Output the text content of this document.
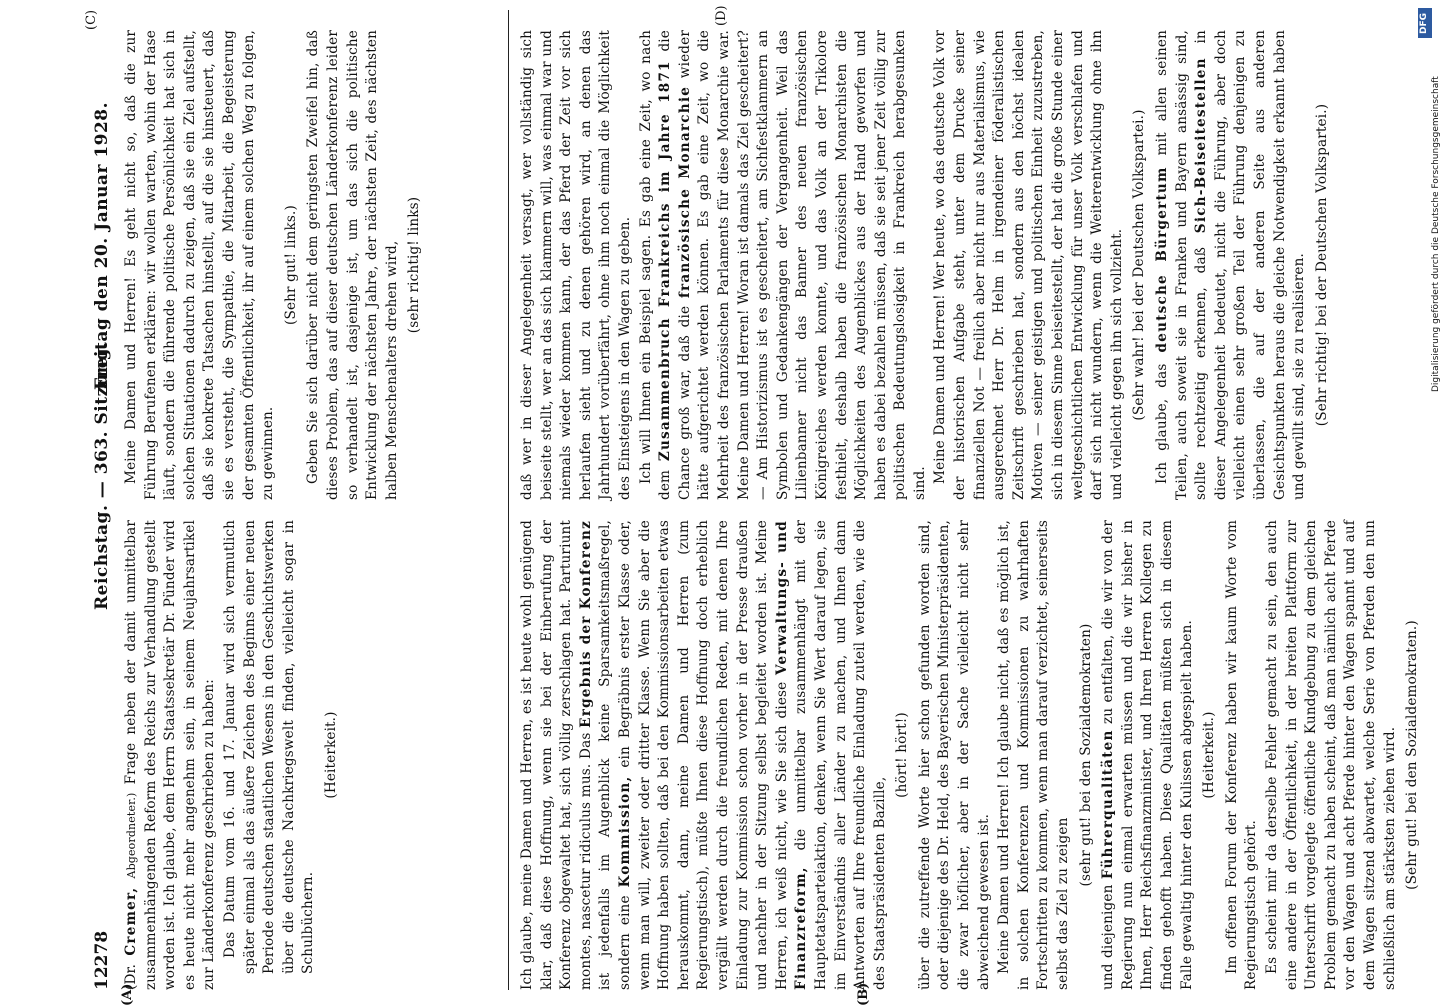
12278
Reichstag. — 363. Sitzung.
Freitag den 20. Januar 1928.
(A)	(B)
(C)	(D)

(Dr. Cremer, Abgeordneter.) Frage neben der damit unmittelbar zusammenhängenden Reform des Reichs zur Verhandlung gestellt worden ist. Ich glaube, dem Herrn Staatssekretär Dr. Pünder wird es heute nicht mehr angenehm sein, in seinem Neujahrsartikel zur Länderkonferenz geschrieben zu haben: Das Datum vom 16. und 17. Januar wird sich vermutlich später einmal als das äußere Zeichen des Beginns einer neuen Periode deutschen staatlichen Wesens in den Geschichtswerken über die deutsche Nachkriegswelt finden, vielleicht sogar in Schulbüchern.

(Heiterkeit.)	Ich glaube, meine Damen und Herren, es ist heute wohl genügend klar, daß diese Hoffnung, wenn sie bei der Einberufung der Konferenz obgewaltet hat, sich völlig zerschlagen hat. Parturiunt montes, nascetur ridiculus mus. Das Ergebnis der Konferenz ist jedenfalls im Augenblick keine Sparsamkeitsmaßregel, sondern eine Kommission, ein Begräbnis erster Klasse oder, wenn man will, zweiter oder dritter Klasse. Wenn Sie aber die Hoffnung haben sollten, daß bei den Kommissionsarbeiten etwas herauskommt, dann, meine Damen und Herren (zum Regierungstisch), müßte Ihnen diese Hoffnung doch erheblich vergällt werden durch die freundlichen Reden, mit denen Ihre Einladung zur Kommission schon vorher in der Presse draußen und nachher in der Sitzung selbst begleitet worden ist. Meine Herren, ich weiß nicht, wie Sie sich diese Verwaltungs- und Finanzreform, die unmittelbar zusammenhängt mit der Hauptetatsparteiaktion, denken, wenn Sie Wert darauf legen, sie im Einverständnis aller Länder zu machen, und Ihnen dann Antworten auf Ihre freundliche Einladung zuteil werden, wie die des Staatspräsidenten Bazille,

(hört! hört!) über die zutreffende Worte hier schon gefunden worden sind, oder diejenige des Dr. Held, des Bayerischen Ministerpräsidenten, die zwar höflicher, aber in der Sache vielleicht nicht sehr abweichend gewesen ist. Meine Damen und Herren! Ich glaube nicht, daß es möglich ist, in solchen Konferenzen und Kommissionen zu wahrhaften Fortschritten zu kommen, wenn man darauf verzichtet, seinerseits selbst das Ziel zu zeigen

(sehr gut! bei den Sozialdemokraten)

und diejenigen Führerqualitäten zu entfalten, die wir von der Regierung nun einmal erwarten müssen und die wir bisher in Ihnen, Herr Reichsfinanzminister, und Ihren Herren Kollegen zu finden gehofft haben. Diese Qualitäten müßten sich in diesem Falle gewaltig hinter den Kulissen abgespielt haben. (Heiterkeit.) Im offenen Forum der Konferenz haben wir kaum Worte vom Regierungstisch gehört. Es scheint mir da derselbe Fehler gemacht zu sein, den auch eine andere in der Öffentlichkeit, in der breiten Plattform zur Unterschrift vorgelegte öffentliche Kundgebung zu dem gleichen Problem gemacht zu haben scheint, daß man nämlich acht Pferde vor den Wagen und acht Pferde hinter den Wagen spannt und auf dem Wagen sitzend abwartet, welche Serie von Pferden den nun schließlich am stärksten ziehen wird. (Sehr gut! bei den Sozialdemokraten.)

Meine Damen und Herren! Es geht nicht so, daß die zur Führung Berufenen erklären: wir wollen warten, wohin der Hase läuft, sondern die führende politische Persönlichkeit hat sich in solchen Situationen dadurch zu zeigen, daß sie ein Ziel aufstellt, daß sie konkrete Tatsachen hinstellt, auf die sie hinsteuert, daß sie es versteht, die Sympathie, die Mitarbeit, die Begeisterung der gesamten Öffentlichkeit, ihr auf einem solchen Weg zu folgen, zu gewinnen.

(Sehr gut! links.) Geben Sie sich darüber nicht dem geringsten Zweifel hin, daß dieses Problem, das auf dieser deutschen Länderkonferenz leider so verhandelt ist, dasjenige ist, um das sich die politische Entwicklung der nächsten Jahre, der nächsten Zeit, des nächsten halben Menschenalters drehen wird, (sehr richtig! links)	daß wer in dieser Angelegenheit versagt, wer vollständig sich beiseite stellt, wer an das sich klammern will, was einmal war und niemals wieder kommen kann, der das Pferd der Zeit vor sich herlaufen sieht und zu denen gehören wird, an denen das Jahrhundert vorüberfährt, ohne ihm noch einmal die Möglichkeit des Einsteigens in den Wagen zu geben. Ich will Ihnen ein Beispiel sagen. Es gab eine Zeit, wo nach dem Zusammenbruch Frankreichs im Jahre 1871 die Chance groß war, daß die französische Monarchie wieder hätte aufgerichtet werden können. Es gab eine Zeit, wo die Mehrheit des französischen Parlaments für diese Monarchie war. Meine Damen und Herren! Woran ist damals das Ziel gescheitert? — Am Historizismus ist es gescheitert, am Sichfestklammern an Symbolen und Gedankengängen der Vergangenheit. Weil das Lilienbanner nicht das Banner des neuen französischen Königreiches werden konnte, und das Volk an der Trikolore festhielt, deshalb haben die französischen Monarchisten die Möglichkeiten des Augenblickes aus der Hand geworfen und haben es dabei bezahlen müssen, daß sie seit jener Zeit völlig zur politischen Bedeutungslosigkeit in Frankreich herabgesunken sind. Meine Damen und Herren! Wer heute, wo das deutsche Volk vor der historischen Aufgabe steht, unter dem Drucke seiner finanziellen Not — freilich aber nicht nur aus Materialismus, wie ausgerechnet Herr Dr. Helm in irgendeiner föderalistischen Zeitschrift geschrieben hat, sondern aus den höchst idealen Motiven — seiner geistigen und politischen Einheit zuzustreben, sich in diesem Sinne beiseitestellt, der hat die große Stunde einer weltgeschichtlichen Entwicklung für unser Volk verschlafen und darf sich nicht wundern, wenn die Weiterentwicklung ohne ihn und vielleicht gegen ihn sich vollzieht. (Sehr wahr! bei der Deutschen Volkspartei.)

Ich glaube, das deutsche Bürgertum mit allen seinen Teilen, auch soweit sie in Franken und Bayern ansässig sind, sollte rechtzeitig erkennen, daß Sich-Beiseitestellen in dieser Angelegenheit bedeutet, nicht die Führung, aber doch vielleicht einen sehr großen Teil der Führung denjenigen zu überlassen, die auf der anderen Seite aus anderen Gesichtspunkten heraus die gleiche Notwendigkeit erkannt haben und gewillt sind, sie zu realisieren. (Sehr richtig! bei der Deutschen Volkspartei.)

DFG
Digitalisierung gefördert durch die Deutsche Forschungsgemeinschaft
